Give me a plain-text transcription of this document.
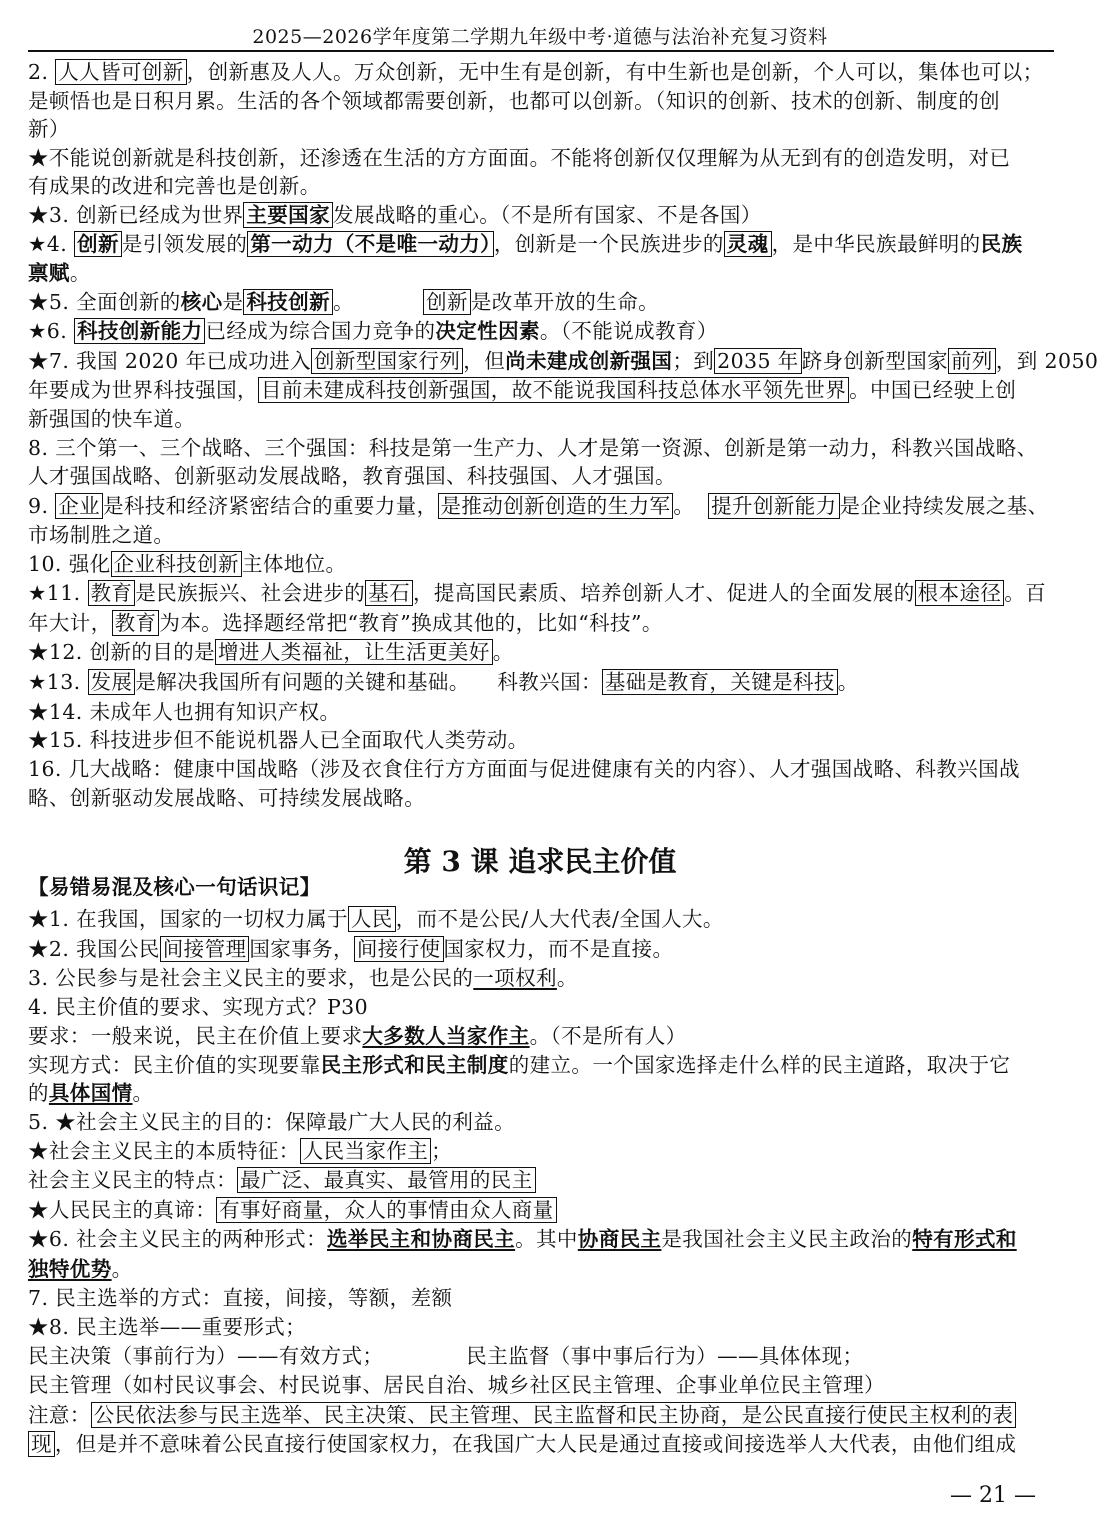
2025—2026学年度第二学期九年级中考·道德与法治补充复习资料
2. 人人皆可创新 ，创新惠及人人。万众创新，无中生有是创新，有中生新也是创新，个人可以，集体也可以；
是顿悟也是日积月累。生活的各个领域都需要创新，也都可以创新。（知识的创新、技术的创新、制度的创
新）
★不能说创新就是科技创新，还渗透在生活的方方面面。不能将创新仅仅理解为从无到有的创造发明，对已
有成果的改进和完善也是创新。
★3. 创新已经成为世界 主要国家 发展战略的重心。（不是所有国家、不是各国）
★4. 创新 是引领发展的 第一动力（不是唯一动力） ，创新是一个民族进步的 灵魂 ，是中华民族最鲜明的民族
禀赋。
★5. 全面创新的核心是 科技创新 。          创新 是改革开放的生命。
★6. 科技创新能力 已经成为综合国力竞争的决定性因素。（不能说成教育）
★7. 我国 2020 年已成功进入 创新型国家行列 ，但尚未建成创新强国；到 2035 年 跻身创新型国家 前列 ，到 2050
年要成为世界科技强国， 目前未建成科技创新强国，故不能说我国科技总体水平领先世界 。中国已经驶上创
新强国的快车道。
8. 三个第一、三个战略、三个强国：科技是第一生产力、人才是第一资源、创新是第一动力，科教兴国战略、
人才强国战略、创新驱动发展战略，教育强国、科技强国、人才强国。
9. 企业 是科技和经济紧密结合的重要力量， 是推动创新创造的生力军 。  提升创新能力 是企业持续发展之基、
市场制胜之道。
10. 强化 企业科技创新 主体地位。
★11. 教育 是民族振兴、社会进步的 基石 ，提高国民素质、培养创新人才、促进人的全面发展的 根本途径 。百
年大计， 教育 为本。选择题经常把“教育”换成其他的，比如“科技”。
★12. 创新的目的是 增进人类福祉，让生活更美好 。
★13. 发展 是解决我国所有问题的关键和基础。    科教兴国： 基础是教育，关键是科技 。
★14. 未成年人也拥有知识产权。
★15. 科技进步但不能说机器人已全面取代人类劳动。
16. 几大战略：健康中国战略（涉及衣食住行方方面面与促进健康有关的内容）、人才强国战略、科教兴国战
略、创新驱动发展战略、可持续发展战略。
【易错易混及核心一句话识记】
★1. 在我国，国家的一切权力属于 人民 ，而不是公民/人大代表/全国人大。
★2. 我国公民 间接管理 国家事务， 间接行使 国家权力，而不是直接。
3. 公民参与是社会主义民主的要求，也是公民的一项权利。
4. 民主价值的要求、实现方式？P30
要求：一般来说，民主在价值上要求大多数人当家作主。（不是所有人）
实现方式：民主价值的实现要靠民主形式和民主制度的建立。一个国家选择走什么样的民主道路，取决于它
的具体国情。
5. ★社会主义民主的目的：保障最广大人民的利益。
★社会主义民主的本质特征： 人民当家作主 ；
社会主义民主的特点： 最广泛、最真实、最管用的民主
★人民民主的真谛： 有事好商量，众人的事情由众人商量
★6. 社会主义民主的两种形式：选举民主和协商民主。其中协商民主是我国社会主义民主政治的特有形式和
独特优势。
7. 民主选举的方式：直接，间接，等额，差额
★8. 民主选举——重要形式；
民主决策（事前行为）——有效方式；            民主监督（事中事后行为）——具体体现；
民主管理（如村民议事会、村民说事、居民自治、城乡社区民主管理、企事业单位民主管理）
注意： 公民依法参与民主选举、民主决策、民主管理、民主监督和民主协商，是公民直接行使民主权利的表
现 ，但是并不意味着公民直接行使国家权力，在我国广大人民是通过直接或间接选举人大代表，由他们组成
第 3 课 追求民主价值
— 21 —
